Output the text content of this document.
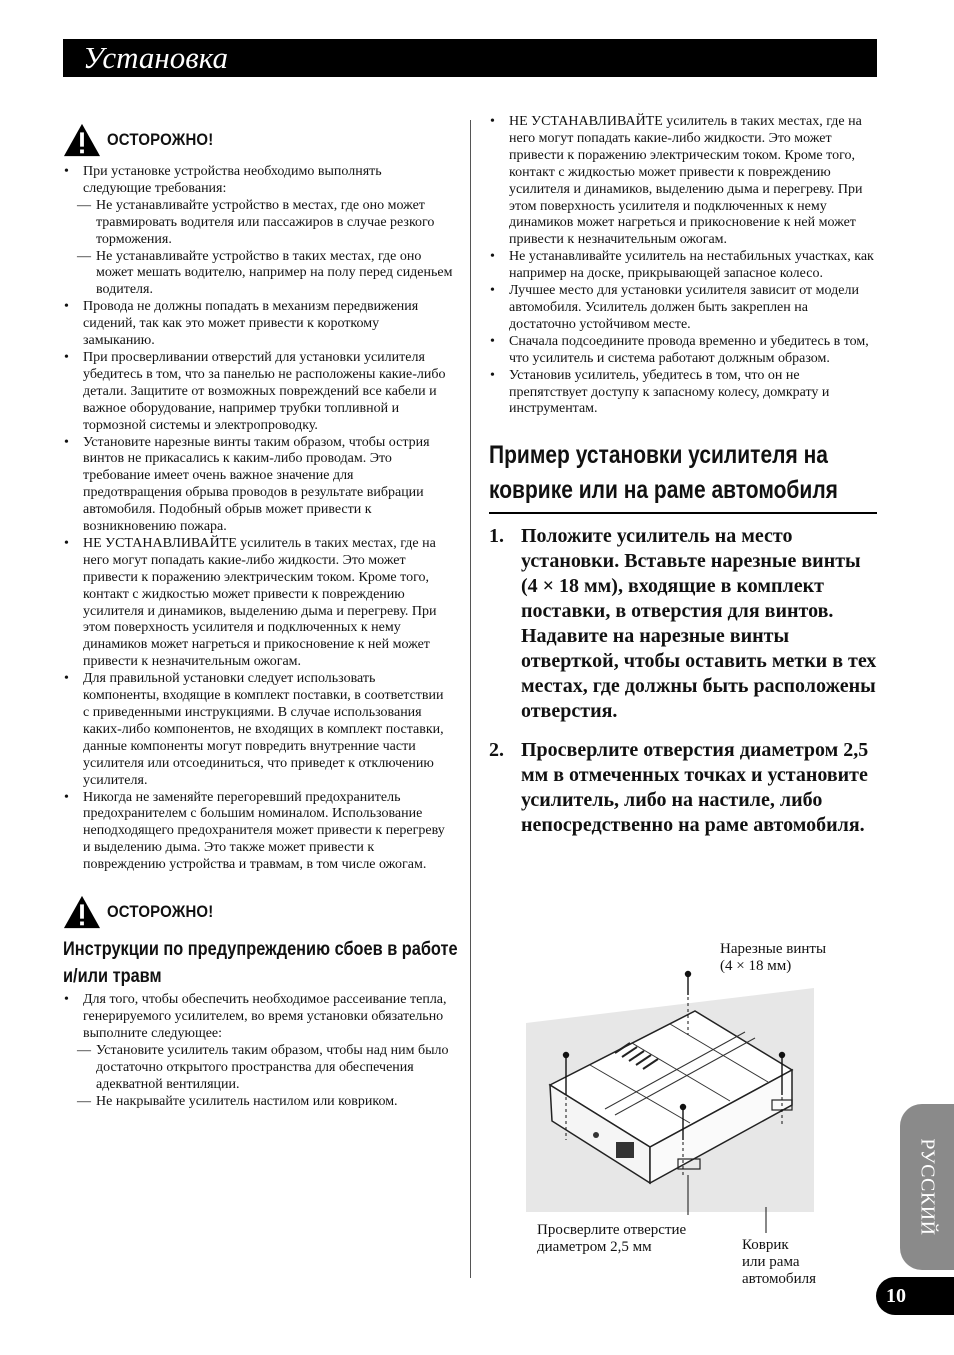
Установка
ОСТОРОЖНО!
• При установке устройства необходимо выполнять следующие требования:
— Не устанавливайте устройство в местах, где оно может травмировать водителя или пассажиров в случае резкого торможения.
— Не устанавливайте устройство в таких местах, где оно может мешать водителю, например на полу перед сиденьем водителя.
• Провода не должны попадать в механизм передвижения сидений, так как это может привести к короткому замыканию.
• При просверливании отверстий для установки усилителя убедитесь в том, что за панелью не расположены какие-либо детали. Защитите от возможных повреждений все кабели и важное оборудование, например трубки топливной и тормозной системы и электропроводку.
• Установите нарезные винты таким образом, чтобы острия винтов не прикасались к каким-либо проводам. Это требование имеет очень важное значение для предотвращения обрыва проводов в результате вибрации автомобиля. Подобный обрыв может привести к возникновению пожара.
• НЕ УСТАНАВЛИВАЙТЕ усилитель в таких местах, где на него могут попадать какие-либо жидкости. Это может привести к поражению электрическим током. Кроме того, контакт с жидкостью может привести к повреждению усилителя и динамиков, выделению дыма и перегреву. При этом поверхность усилителя и подключенных к нему динамиков может нагреться и прикосновение к ней может привести к незначительным ожогам.
• Для правильной установки следует использовать компоненты, входящие в комплект поставки, в соответствии с приведенными инструкциями. В случае использования каких-либо компонентов, не входящих в комплект поставки, данные компоненты могут повредить внутренние части усилителя или отсоединиться, что приведет к отключению усилителя.
• Никогда не заменяйте перегоревший предохранитель предохранителем с большим номиналом. Использование неподходящего предохранителя может привести к перегреву и выделению дыма. Это также может привести к повреждению устройства и травмам, в том числе ожогам.
ОСТОРОЖНО!
Инструкции по предупреждению сбоев в работе и/или травм
• Для того, чтобы обеспечить необходимое рассеивание тепла, генерируемого усилителем, во время установки обязательно выполните следующее:
— Установите усилитель таким образом, чтобы над ним было достаточно открытого пространства для обеспечения адекватной вентиляции.
— Не накрывайте усилитель настилом или ковриком.
• НЕ УСТАНАВЛИВАЙТЕ усилитель в таких местах, где на него могут попадать какие-либо жидкости. Это может привести к поражению электрическим током. Кроме того, контакт с жидкостью может привести к повреждению усилителя и динамиков, выделению дыма и перегреву. При этом поверхность усилителя и подключенных к нему динамиков может нагреться и прикосновение к ней может привести к незначительным ожогам.
• Не устанавливайте усилитель на нестабильных участках, как например на доске, прикрывающей запасное колесо.
• Лучшее место для установки усилителя зависит от модели автомобиля. Усилитель должен быть закреплен на достаточно устойчивом месте.
• Сначала подсоедините провода временно и убедитесь в том, что усилитель и система работают должным образом.
• Установив усилитель, убедитесь в том, что он не препятствует доступу к запасному колесу, домкрату и инструментам.
Пример установки усилителя на коврике или на раме автомобиля
1. Положите усилитель на место установки. Вставьте нарезные винты (4 × 18 мм), входящие в комплект поставки, в отверстия для винтов. Надавите на нарезные винты отверткой, чтобы оставить метки в тех местах, где должны быть расположены отверстия.
2. Просверлите отверстия диаметром 2,5 мм в отмеченных точках и установите усилитель, либо на настиле, либо непосредственно на раме автомобиля.
Нарезные винты
(4 × 18 мм)
Просверлите отверстие
диаметром 2,5 мм	Коврик
или рама
автомобиля
РУССКИЙ
10
